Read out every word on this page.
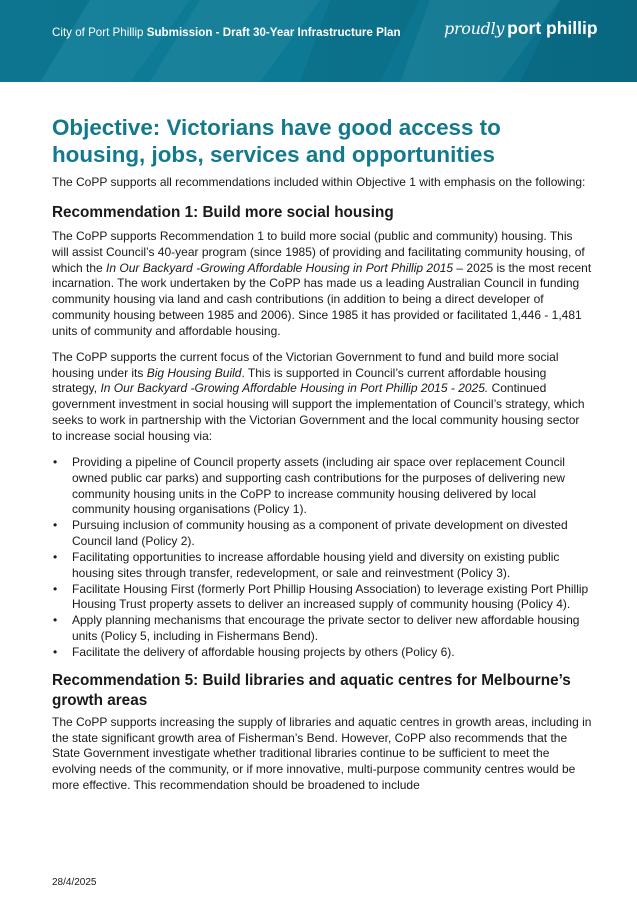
City of Port Phillip Submission - Draft 30-Year Infrastructure Plan	proudly port phillip
Objective: Victorians have good access to housing, jobs, services and opportunities

The CoPP supports all recommendations included within Objective 1 with emphasis on the following:

Recommendation 1: Build more social housing

The CoPP supports Recommendation 1 to build more social (public and community) housing. This will assist Council’s 40-year program (since 1985) of providing and facilitating community housing, of which the In Our Backyard -Growing Affordable Housing in Port Phillip 2015 – 2025 is the most recent incarnation. The work undertaken by the CoPP has made us a leading Australian Council in funding community housing via land and cash contributions (in addition to being a direct developer of community housing between 1985 and 2006). Since 1985 it has provided or facilitated 1,446 - 1,481 units of community and affordable housing.

The CoPP supports the current focus of the Victorian Government to fund and build more social housing under its Big Housing Build. This is supported in Council’s current affordable housing strategy, In Our Backyard -Growing Affordable Housing in Port Phillip 2015 - 2025. Continued government investment in social housing will support the implementation of Council’s strategy, which seeks to work in partnership with the Victorian Government and the local community housing sector to increase social housing via:

• Providing a pipeline of Council property assets (including air space over replacement Council owned public car parks) and supporting cash contributions for the purposes of delivering new community housing units in the CoPP to increase community housing delivered by local community housing organisations (Policy 1).
• Pursuing inclusion of community housing as a component of private development on divested Council land (Policy 2).
• Facilitating opportunities to increase affordable housing yield and diversity on existing public housing sites through transfer, redevelopment, or sale and reinvestment (Policy 3).
• Facilitate Housing First (formerly Port Phillip Housing Association) to leverage existing Port Phillip Housing Trust property assets to deliver an increased supply of community housing (Policy 4).
• Apply planning mechanisms that encourage the private sector to deliver new affordable housing units (Policy 5, including in Fishermans Bend).
• Facilitate the delivery of affordable housing projects by others (Policy 6).
Recommendation 5: Build libraries and aquatic centres for Melbourne’s growth areas

The CoPP supports increasing the supply of libraries and aquatic centres in growth areas, including in the state significant growth area of Fisherman’s Bend. However, CoPP also recommends that the State Government investigate whether traditional libraries continue to be sufficient to meet the evolving needs of the community, or if more innovative, multi-purpose community centres would be more effective. This recommendation should be broadened to include

28/4/2025
